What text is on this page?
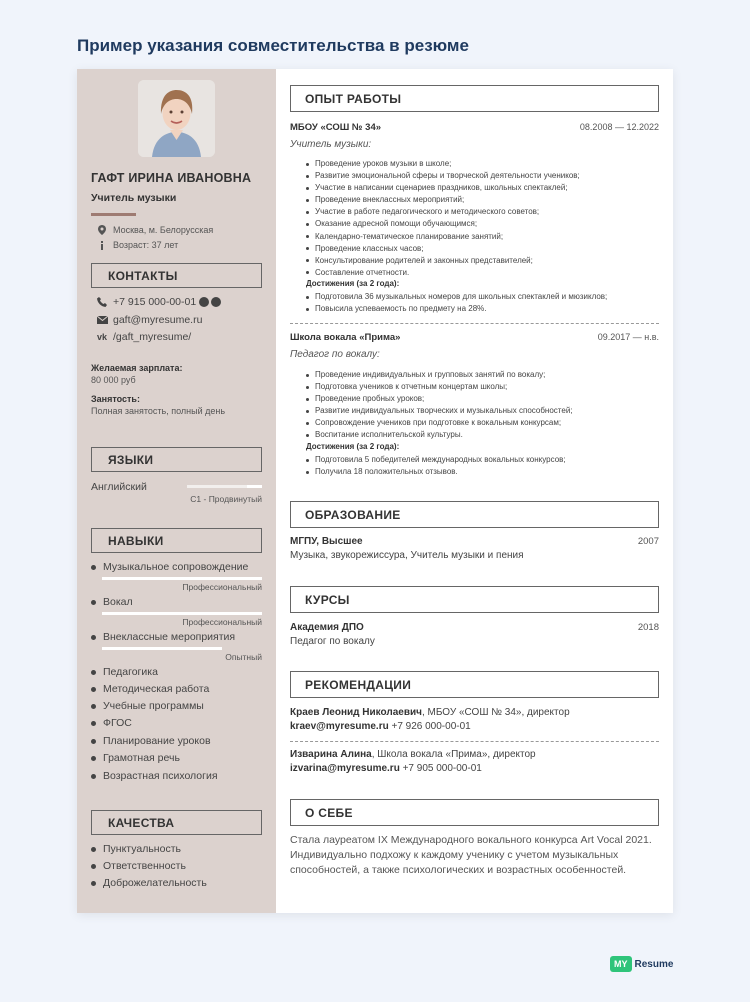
Пример указания совместительства в резюме
ГАФТ ИРИНА ИВАНОВНА
Учитель музыки
Москва, м. Белорусская
Возраст: 37 лет
КОНТАКТЫ
+7 915 000-00-01
gaft@myresume.ru
vk /gaft_myresume/
Желаемая зарплата:
80 000 руб
Занятость:
Полная занятость, полный день
ЯЗЫКИ
Английский
C1 - Продвинутый
НАВЫКИ
Музыкальное сопровождение
Профессиональный
Вокал
Профессиональный
Внеклассные мероприятия
Опытный
Педагогика
Методическая работа
Учебные программы
ФГОС
Планирование уроков
Грамотная речь
Возрастная психология
КАЧЕСТВА
Пунктуальность
Ответственность
Доброжелательность
ОПЫТ РАБОТЫ
МБОУ «СОШ № 34»	08.2008 — 12.2022
Учитель музыки:
Проведение уроков музыки в школе;
Развитие эмоциональной сферы и творческой деятельности учеников;
Участие в написании сценариев праздников, школьных спектаклей;
Проведение внеклассных мероприятий;
Участие в работе педагогического и методического советов;
Оказание адресной помощи обучающимся;
Календарно-тематическое планирование занятий;
Проведение классных часов;
Консультирование родителей и законных представителей;
Составление отчетности.
Достижения (за 2 года):
Подготовила 36 музыкальных номеров для школьных спектаклей и мюзиклов;
Повысила успеваемость по предмету на 28%.
Школа вокала «Прима»	09.2017 — н.в.
Педагог по вокалу:
Проведение индивидуальных и групповых занятий по вокалу;
Подготовка учеников к отчетным концертам школы;
Проведение пробных уроков;
Развитие индивидуальных творческих и музыкальных способностей;
Сопровождение учеников при подготовке к вокальным конкурсам;
Воспитание исполнительской культуры.
Достижения (за 2 года):
Подготовила 5 победителей международных вокальных конкурсов;
Получила 18 положительных отзывов.
ОБРАЗОВАНИЕ
МГПУ, Высшее	2007
Музыка, звукорежиссура, Учитель музыки и пения
КУРСЫ
Академия ДПО	2018
Педагог по вокалу
РЕКОМЕНДАЦИИ
Краев Леонид Николаевич, МБОУ «СОШ № 34», директор
kraev@myresume.ru +7 926 000-00-01
Изварина Алина, Школа вокала «Прима», директор
izvarina@myresume.ru +7 905 000-00-01
О СЕБЕ
Стала лауреатом IX Международного вокального конкурса Art Vocal 2021. Индивидуально подхожу к каждому ученику с учетом музыкальных способностей, а также психологических и возрастных особенностей.
MY Resume
